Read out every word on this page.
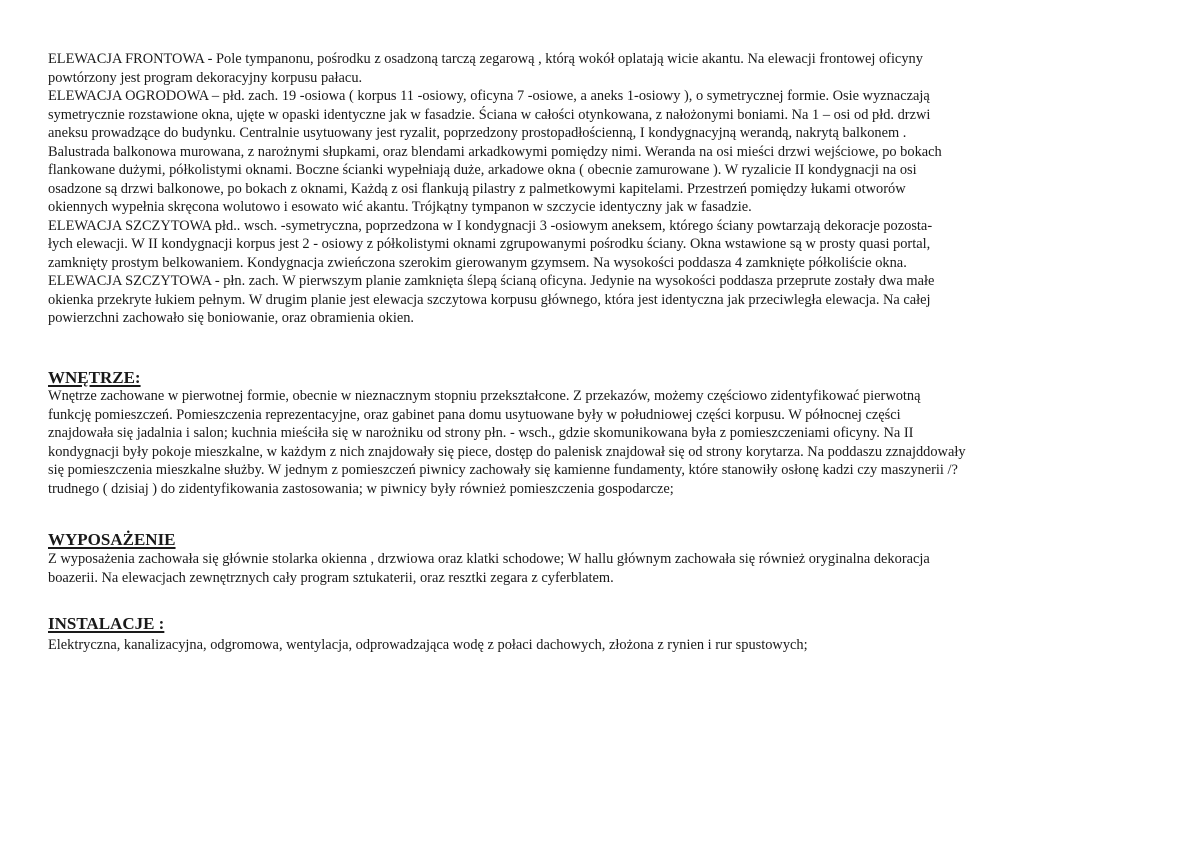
ELEWACJA FRONTOWA - Pole tympanonu, pośrodku z osadzoną tarczą zegarową , którą wokół oplatają wicie akantu. Na elewacji frontowej oficyny
powtórzony jest program dekoracyjny korpusu pałacu.
ELEWACJA OGRODOWA – płd. zach. 19 -osiowa ( korpus 11 -osiowy, oficyna 7 -osiowe, a aneks 1-osiowy ), o symetrycznej formie. Osie wyznaczają
symetrycznie rozstawione okna, ujęte w opaski identyczne jak w fasadzie. Ściana w całości otynkowana, z nałożonymi boniami. Na 1 – osi od płd. drzwi
aneksu prowadzące do budynku. Centralnie usytuowany jest ryzalit, poprzedzony prostopadłościenną, I kondygnacyjną werandą, nakrytą balkonem .
Balustrada balkonowa murowana, z narożnymi słupkami, oraz blendami arkadkowymi pomiędzy nimi. Weranda na osi mieści drzwi wejściowe, po bokach
flankowane dużymi, półkolistymi oknami. Boczne ścianki wypełniają duże, arkadowe okna ( obecnie zamurowane ). W ryzalicie II kondygnacji na osi
osadzone są drzwi balkonowe, po bokach z oknami, Każdą z osi flankują pilastry z palmetkowymi kapitelami. Przestrzeń pomiędzy łukami otworów
okiennych wypełnia skręcona wolutowo i esowato wić akantu. Trójkątny tympanon w szczycie identyczny jak w fasadzie.
ELEWACJA SZCZYTOWA płd.. wsch. -symetryczna, poprzedzona w I kondygnacji 3 -osiowym aneksem, którego ściany powtarzają dekoracje pozosta-
łych elewacji. W II kondygnacji korpus jest 2 - osiowy z półkolistymi oknami zgrupowanymi pośrodku ściany. Okna wstawione są w prosty quasi portal,
zamknięty prostym belkowaniem. Kondygnacja zwieńczona szerokim gierowanym gzymsem. Na wysokości poddasza 4 zamknięte półkoliście okna.
ELEWACJA SZCZYTOWA - płn. zach. W pierwszym planie zamknięta ślepą ścianą oficyna. Jedynie na wysokości poddasza przeprute zostały dwa małe
okienka przekryte łukiem pełnym. W drugim planie jest elewacja szczytowa korpusu głównego, która jest identyczna jak przeciwległa elewacja. Na całej
powierzchni zachowało się boniowanie, oraz obramienia okien.
WNĘTRZE:
Wnętrze zachowane w pierwotnej formie, obecnie w nieznacznym stopniu przekształcone. Z przekazów, możemy częściowo zidentyfikować pierwotną
funkcję pomieszczeń. Pomieszczenia reprezentacyjne, oraz gabinet pana domu usytuowane były w południowej części korpusu. W północnej części
znajdowała się jadalnia i salon; kuchnia mieściła się w narożniku od strony płn. - wsch., gdzie skomunikowana była z pomieszczeniami oficyny. Na II
kondygnacji były pokoje mieszkalne, w każdym z nich znajdowały się piece, dostęp do palenisk znajdował się od strony korytarza. Na poddaszu zznajddowały
się pomieszczenia mieszkalne służby. W jednym z pomieszczeń piwnicy zachowały się kamienne fundamenty, które stanowiły osłonę kadzi czy maszynerii /?
trudnego ( dzisiaj ) do zidentyfikowania zastosowania; w piwnicy były również pomieszczenia gospodarcze;
WYPOSAŻENIE
Z wyposażenia zachowała się głównie stolarka okienna , drzwiowa oraz klatki schodowe; W hallu głównym zachowała się również oryginalna dekoracja
boazerii. Na elewacjach zewnętrznych cały program sztukaterii, oraz resztki zegara z cyferblatem.
INSTALACJE :
Elektryczna, kanalizacyjna, odgromowa, wentylacja, odprowadzająca wodę z połaci dachowych, złożona z rynien i rur spustowych;
